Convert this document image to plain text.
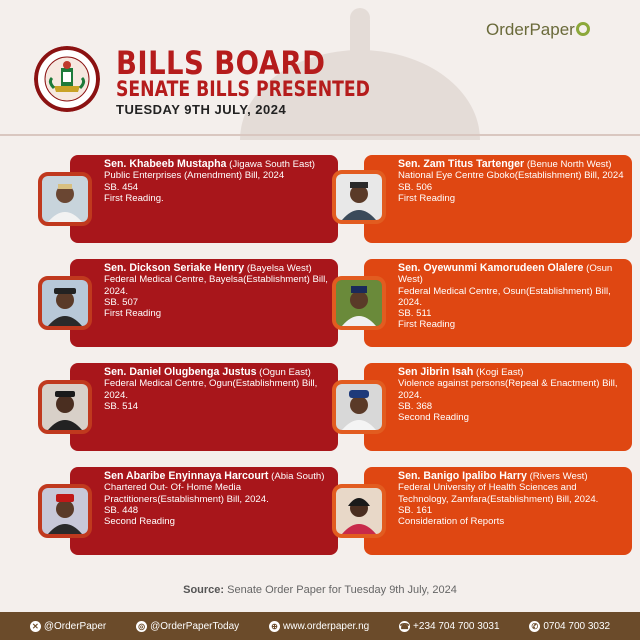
BILLS BOARD
SENATE BILLS PRESENTED
TUESDAY 9TH JULY, 2024
OrderPaper
Sen. Khabeeb Mustapha (Jigawa South East)
Public Enterprises (Amendment) Bill, 2024
SB. 454
First Reading.
Sen. Zam Titus Tartenger (Benue North West)
National Eye Centre Gboko(Establishment) Bill, 2024
SB. 506
First Reading
Sen. Dickson Seriake Henry (Bayelsa West)
Federal Medical Centre, Bayelsa(Establishment) Bill, 2024.
SB. 507
First Reading
Sen. Oyewunmi Kamorudeen Olalere (Osun West)
Federal Medical Centre, Osun(Establishment) Bill, 2024.
SB. 511
First Reading
Sen. Daniel Olugbenga Justus (Ogun East)
Federal Medical Centre, Ogun(Establishment) Bill, 2024.
SB. 514
Sen Jibrin Isah (Kogi East)
Violence against persons(Repeal & Enactment) Bill, 2024.
SB. 368
Second Reading
Sen Abaribe Enyinnaya Harcourt (Abia South)
Chartered Out- Of- Home Media Practitioners(Establishment) Bill, 2024.
SB. 448
Second Reading
Sen. Banigo Ipalibo Harry (Rivers West)
Federal University of Health Sciences and Technology, Zamfara(Establishment) Bill, 2024.
SB. 161
Consideration of Reports
Source: Senate Order Paper for Tuesday 9th July, 2024
✕ @OrderPaper	◎ @OrderPaperToday	⊕ www.orderpaper.ng	☎ +234 704 700 3031	✆ 0704 700 3032
